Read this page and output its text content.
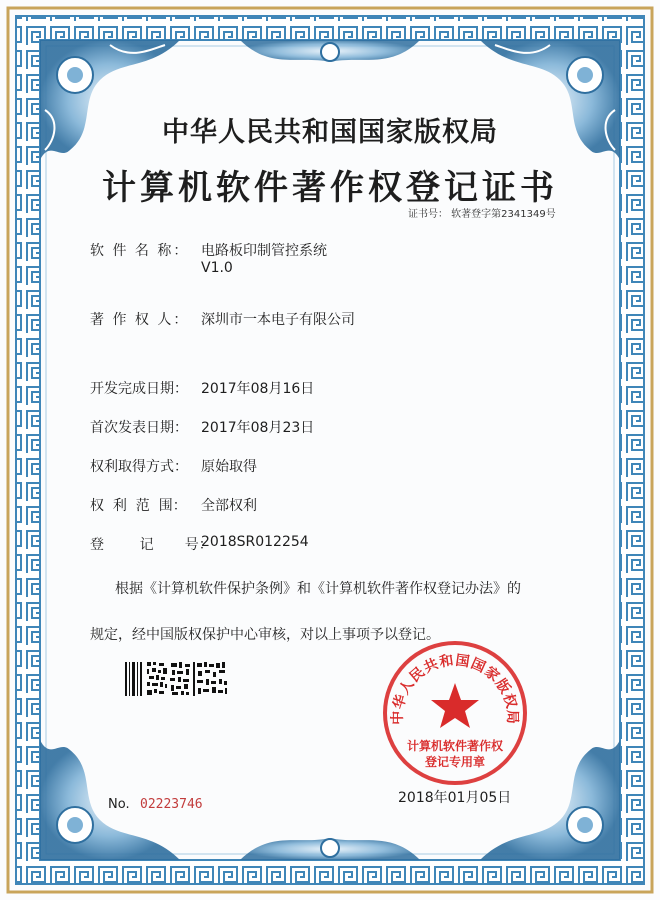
中华人民共和国国家版权局
计算机软件著作权登记证书
证书号： 软著登字第2341349号
软 件 名 称： 电路板印制管控系统
V1.0
著 作 权 人： 深圳市一本电子有限公司
开发完成日期： 2017年08月16日
首次发表日期： 2017年08月23日
权利取得方式： 原始取得
权  利  范  围： 全部权利
登        记       号：
2018SR012254
根据《计算机软件保护条例》和《计算机软件著作权登记办法》的
规定，经中国版权保护中心审核，对以上事项予以登记。
中华人民共和国国家版权局
计算机软件著作权
登记专用章
No. 02223746	2018年01月05日
